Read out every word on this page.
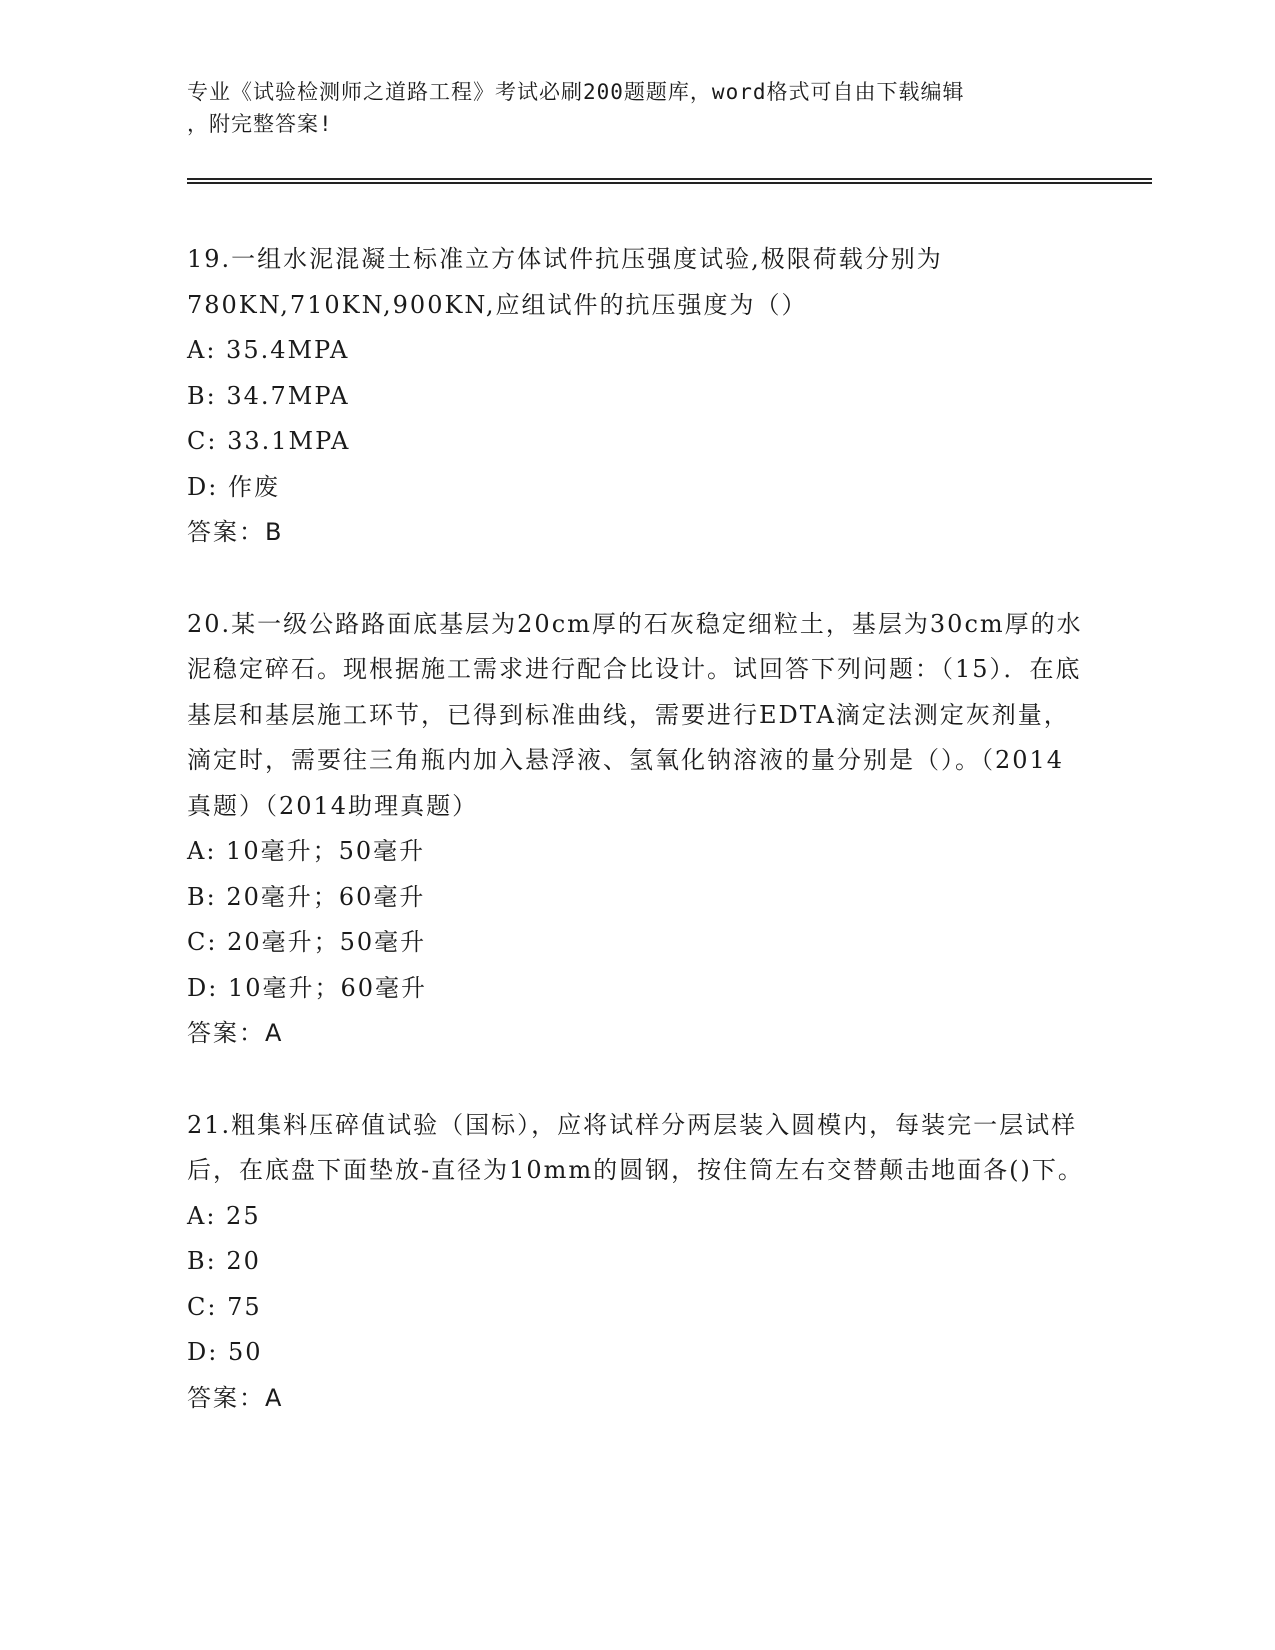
专业《试验检测师之道路工程》考试必刷200题题库，word格式可自由下载编辑
，附完整答案!

19.一组水泥混凝土标准立方体试件抗压强度试验,极限荷载分别为780KN,710KN,900KN,应组试件的抗压强度为（）

A: 35.4MPA

B: 34.7MPA

C: 33.1MPA

D: 作废

答案：B

20.某一级公路路面底基层为20cm厚的石灰稳定细粒土，基层为30cm厚的水泥稳定碎石。现根据施工需求进行配合比设计。试回答下列问题：（15）．在底基层和基层施工环节，已得到标准曲线，需要进行EDTA滴定法测定灰剂量，滴定时，需要往三角瓶内加入悬浮液、氢氧化钠溶液的量分别是（）。（2014真题）（2014助理真题）

A: 10毫升；50毫升

B: 20毫升；60毫升

C: 20毫升；50毫升

D: 10毫升；60毫升

答案：A

21.粗集料压碎值试验（国标），应将试样分两层装入圆模内，每装完一层试样后，在底盘下面垫放-直径为10mm的圆钢，按住筒左右交替颠击地面各()下。

A: 25

B: 20

C: 75

D: 50

答案：A
